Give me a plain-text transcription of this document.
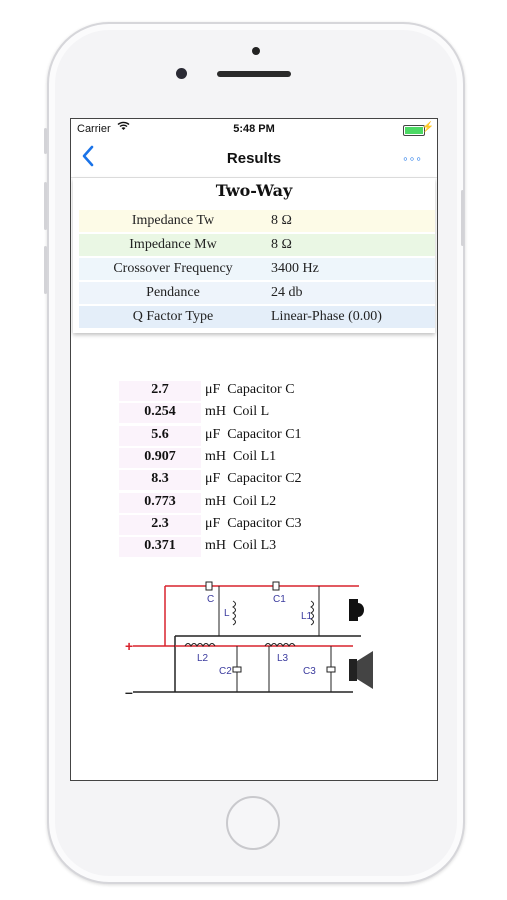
Carrier	5:48 PM	⚡
Results	◦◦◦
Two-Way
Impedance Tw	8 Ω
Impedance Mw	8 Ω
Crossover Frequency	3400 Hz
Pendance	24 db
Q Factor Type	Linear-Phase (0.00)
2.7	μF Capacitor C
0.254	mH Coil L
5.6	μF Capacitor C1
0.907	mH Coil L1
8.3	μF Capacitor C2
0.773	mH Coil L2
2.3	μF Capacitor C3
0.371	mH Coil L3
C	C1
L	L1
L2	L3
C2	C3
+
–
